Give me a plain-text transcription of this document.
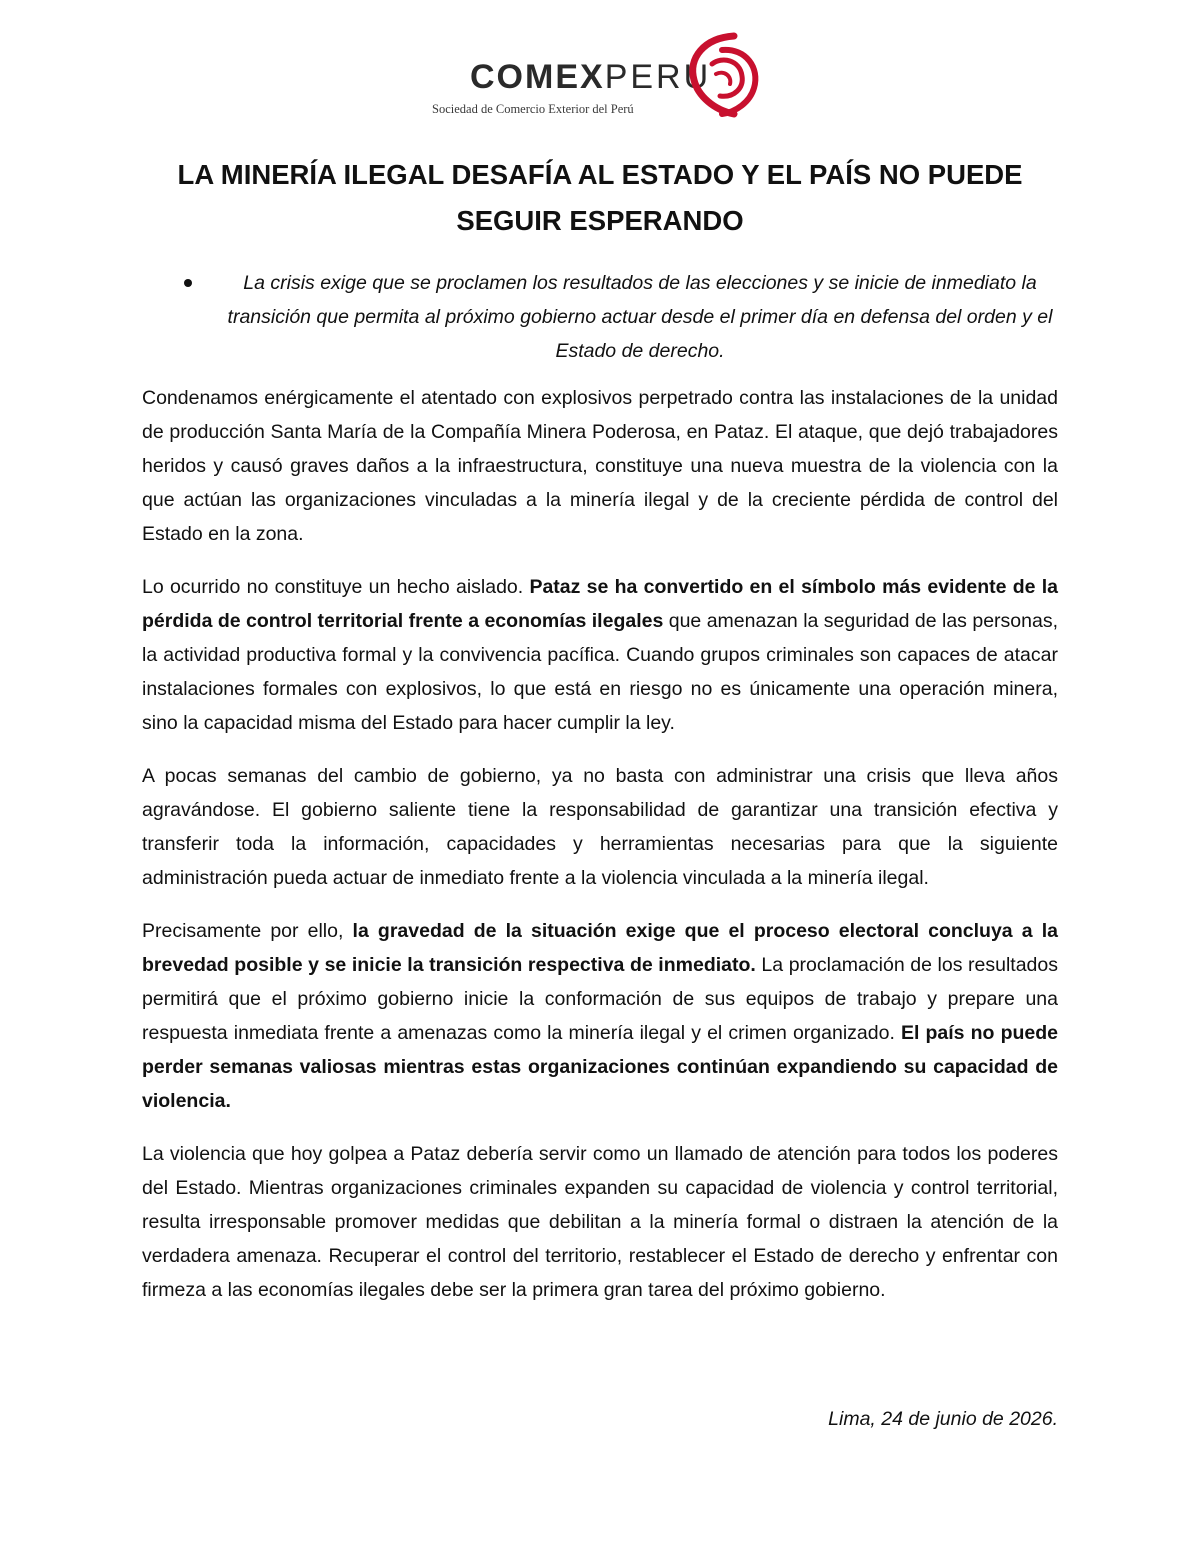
COMEXPERU
Sociedad de Comercio Exterior del Perú
LA MINERÍA ILEGAL DESAFÍA AL ESTADO Y EL PAÍS NO PUEDE
SEGUIR ESPERANDO
La crisis exige que se proclamen los resultados de las elecciones y se inicie de inmediato la transición que permita al próximo gobierno actuar desde el primer día en defensa del orden y el Estado de derecho.

Condenamos enérgicamente el atentado con explosivos perpetrado contra las instalaciones de la unidad de producción Santa María de la Compañía Minera Poderosa, en Pataz. El ataque, que dejó trabajadores heridos y causó graves daños a la infraestructura, constituye una nueva muestra de la violencia con la que actúan las organizaciones vinculadas a la minería ilegal y de la creciente pérdida de control del Estado en la zona.

Lo ocurrido no constituye un hecho aislado. Pataz se ha convertido en el símbolo más evidente de la pérdida de control territorial frente a economías ilegales que amenazan la seguridad de las personas, la actividad productiva formal y la convivencia pacífica. Cuando grupos criminales son capaces de atacar instalaciones formales con explosivos, lo que está en riesgo no es únicamente una operación minera, sino la capacidad misma del Estado para hacer cumplir la ley.

A pocas semanas del cambio de gobierno, ya no basta con administrar una crisis que lleva años agravándose. El gobierno saliente tiene la responsabilidad de garantizar una transición efectiva y transferir toda la información, capacidades y herramientas necesarias para que la siguiente administración pueda actuar de inmediato frente a la violencia vinculada a la minería ilegal.

Precisamente por ello, la gravedad de la situación exige que el proceso electoral concluya a la brevedad posible y se inicie la transición respectiva de inmediato. La proclamación de los resultados permitirá que el próximo gobierno inicie la conformación de sus equipos de trabajo y prepare una respuesta inmediata frente a amenazas como la minería ilegal y el crimen organizado. El país no puede perder semanas valiosas mientras estas organizaciones continúan expandiendo su capacidad de violencia.

La violencia que hoy golpea a Pataz debería servir como un llamado de atención para todos los poderes del Estado. Mientras organizaciones criminales expanden su capacidad de violencia y control territorial, resulta irresponsable promover medidas que debilitan a la minería formal o distraen la atención de la verdadera amenaza. Recuperar el control del territorio, restablecer el Estado de derecho y enfrentar con firmeza a las economías ilegales debe ser la primera gran tarea del próximo gobierno.

Lima, 24 de junio de 2026.
